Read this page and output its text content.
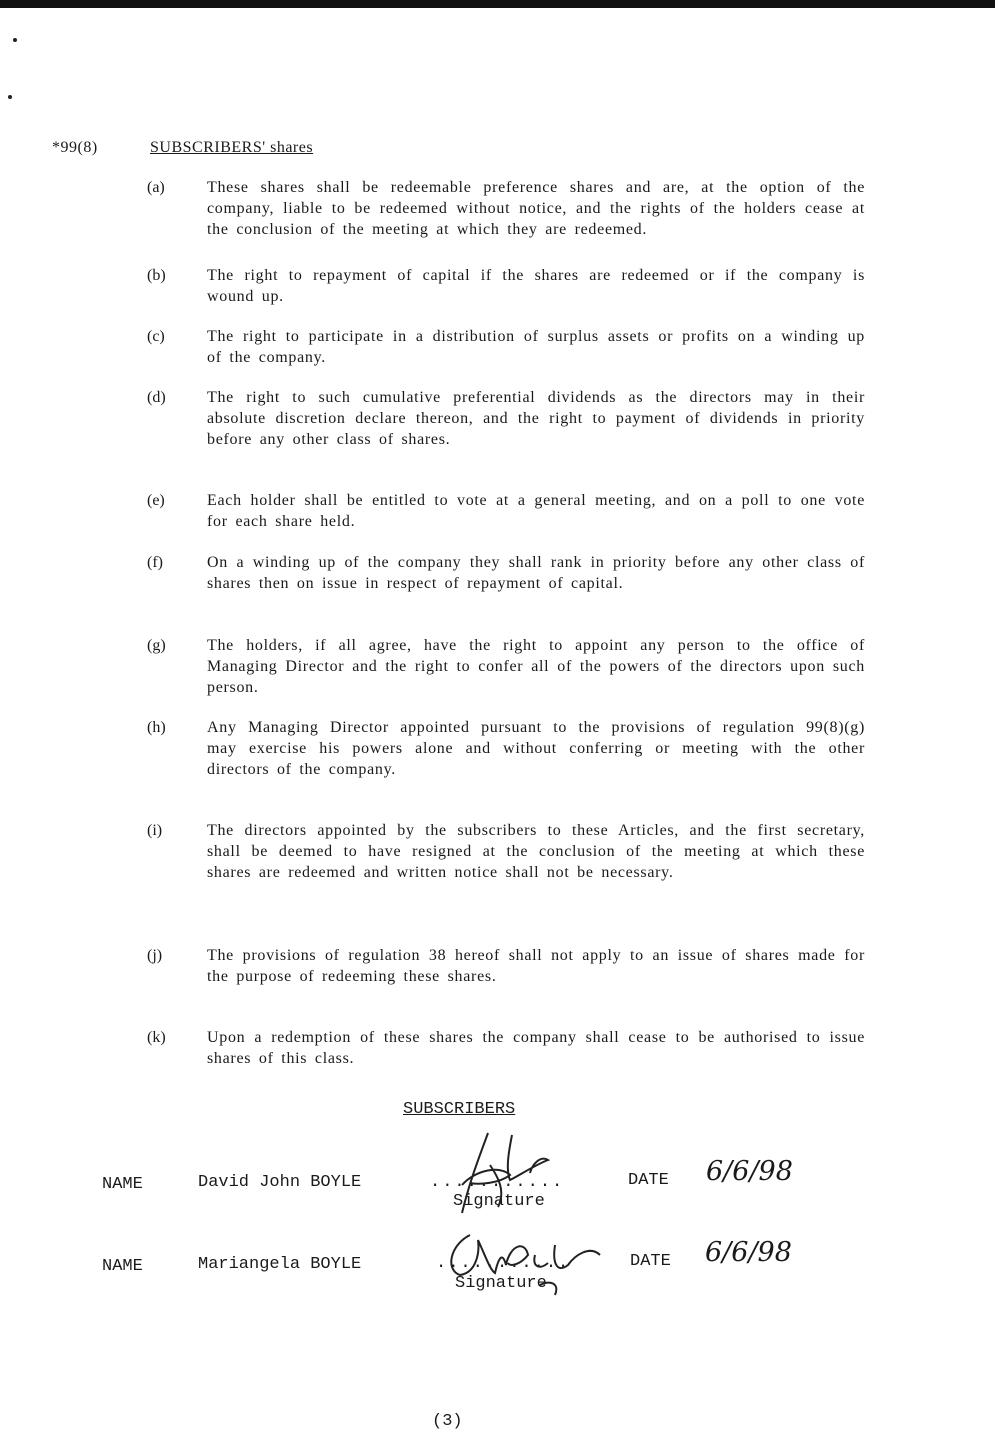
*99(8)	SUBSCRIBERS' shares
(a)	These shares shall be redeemable preference shares and are, at the option of the company, liable to be redeemed without notice, and the rights of the holders cease at the conclusion of the meeting at which they are redeemed.
(b)	The right to repayment of capital if the shares are redeemed or if the company is wound up.
(c)	The right to participate in a distribution of surplus assets or profits on a winding up of the company.
(d)	The right to such cumulative preferential dividends as the directors may in their absolute discretion declare thereon, and the right to payment of dividends in priority before any other class of shares.
(e)	Each holder shall be entitled to vote at a general meeting, and on a poll to one vote for each share held.
(f)	On a winding up of the company they shall rank in priority before any other class of shares then on issue in respect of repayment of capital.
(g)	The holders, if all agree, have the right to appoint any person to the office of Managing Director and the right to confer all of the powers of the directors upon such person.
(h)	Any Managing Director appointed pursuant to the provisions of regulation 99(8)(g) may exercise his powers alone and without conferring or meeting with the other directors of the company.
(i)	The directors appointed by the subscribers to these Articles, and the first secretary, shall be deemed to have resigned at the conclusion of the meeting at which these shares are redeemed and written notice shall not be necessary.
(j)	The provisions of regulation 38 hereof shall not apply to an issue of shares made for the purpose of redeeming these shares.
(k)	Upon a redemption of these shares the company shall cease to be authorised to issue shares of this class.
SUBSCRIBERS
NAME	David John BOYLE	...........
Signature
DATE 6/6/98
NAME	Mariangela BOYLE	...........
Signature
DATE 6/6/98
(3)
